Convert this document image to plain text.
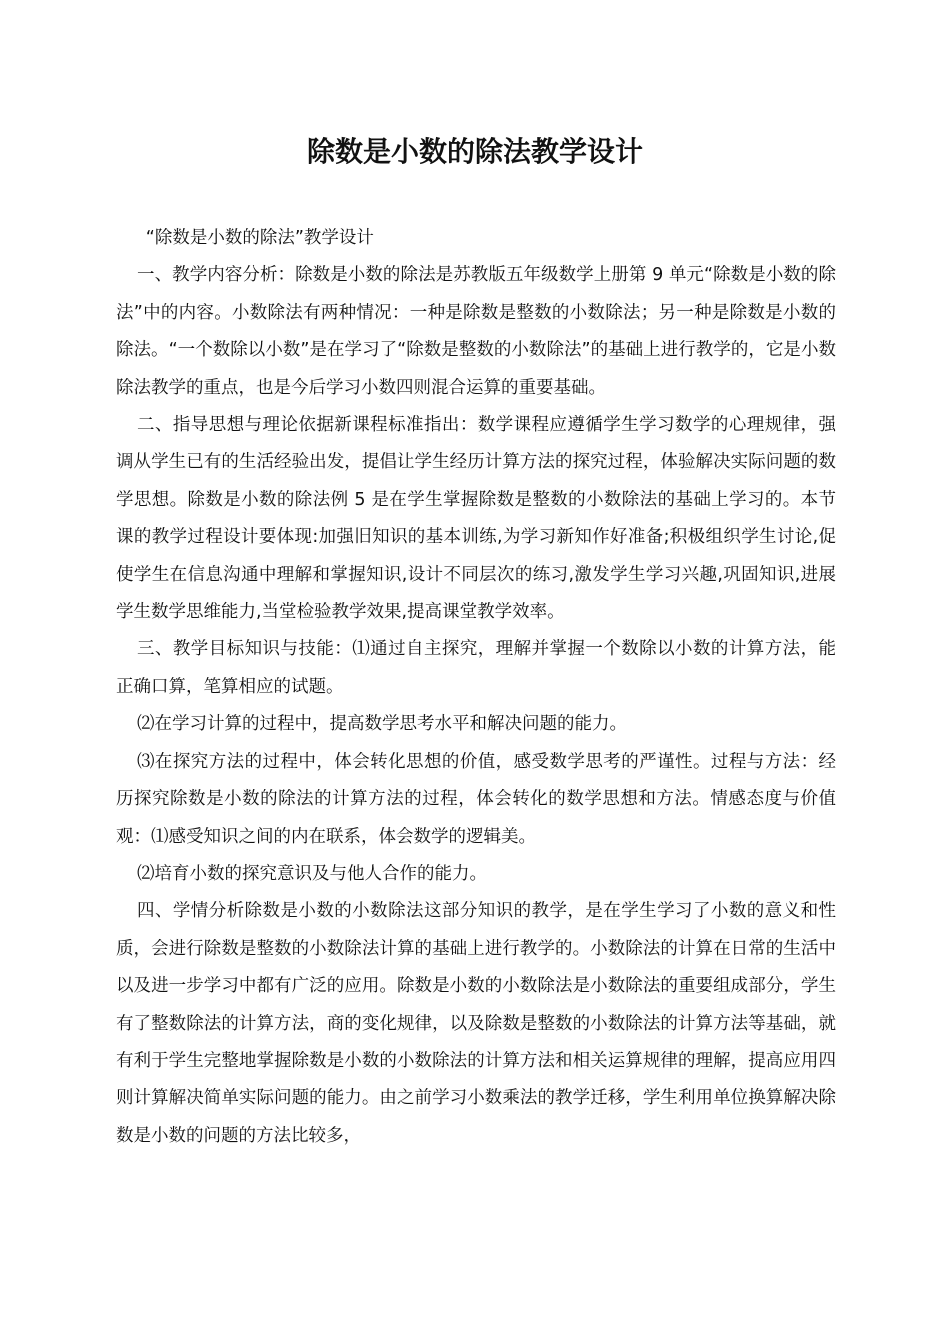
除数是小数的除法教学设计

“除数是小数的除法”教学设计

一、教学内容分析：除数是小数的除法是苏教版五年级数学上册第 9 单元“除数是小数的除法”中的内容。小数除法有两种情况：一种是除数是整数的小数除法；另一种是除数是小数的除法。“一个数除以小数”是在学习了“除数是整数的小数除法”的基础上进行教学的，它是小数除法教学的重点，也是今后学习小数四则混合运算的重要基础。

二、指导思想与理论依据新课程标准指出：数学课程应遵循学生学习数学的心理规律，强调从学生已有的生活经验出发，提倡让学生经历计算方法的探究过程，体验解决实际问题的数学思想。除数是小数的除法例 5 是在学生掌握除数是整数的小数除法的基础上学习的。本节课的教学过程设计要体现:加强旧知识的基本训练,为学习新知作好准备;积极组织学生讨论,促使学生在信息沟通中理解和掌握知识,设计不同层次的练习,激发学生学习兴趣,巩固知识,进展学生数学思维能力,当堂检验教学效果,提高课堂教学效率。

三、教学目标知识与技能：⑴通过自主探究，理解并掌握一个数除以小数的计算方法，能正确口算，笔算相应的试题。

⑵在学习计算的过程中，提高数学思考水平和解决问题的能力。

⑶在探究方法的过程中，体会转化思想的价值，感受数学思考的严谨性。过程与方法：经历探究除数是小数的除法的计算方法的过程，体会转化的数学思想和方法。情感态度与价值观：⑴感受知识之间的内在联系，体会数学的逻辑美。

⑵培育小数的探究意识及与他人合作的能力。

四、学情分析除数是小数的小数除法这部分知识的教学，是在学生学习了小数的意义和性质，会进行除数是整数的小数除法计算的基础上进行教学的。小数除法的计算在日常的生活中以及进一步学习中都有广泛的应用。除数是小数的小数除法是小数除法的重要组成部分，学生有了整数除法的计算方法，商的变化规律，以及除数是整数的小数除法的计算方法等基础，就有利于学生完整地掌握除数是小数的小数除法的计算方法和相关运算规律的理解，提高应用四则计算解决简单实际问题的能力。由之前学习小数乘法的教学迁移，学生利用单位换算解决除数是小数的问题的方法比较多，
